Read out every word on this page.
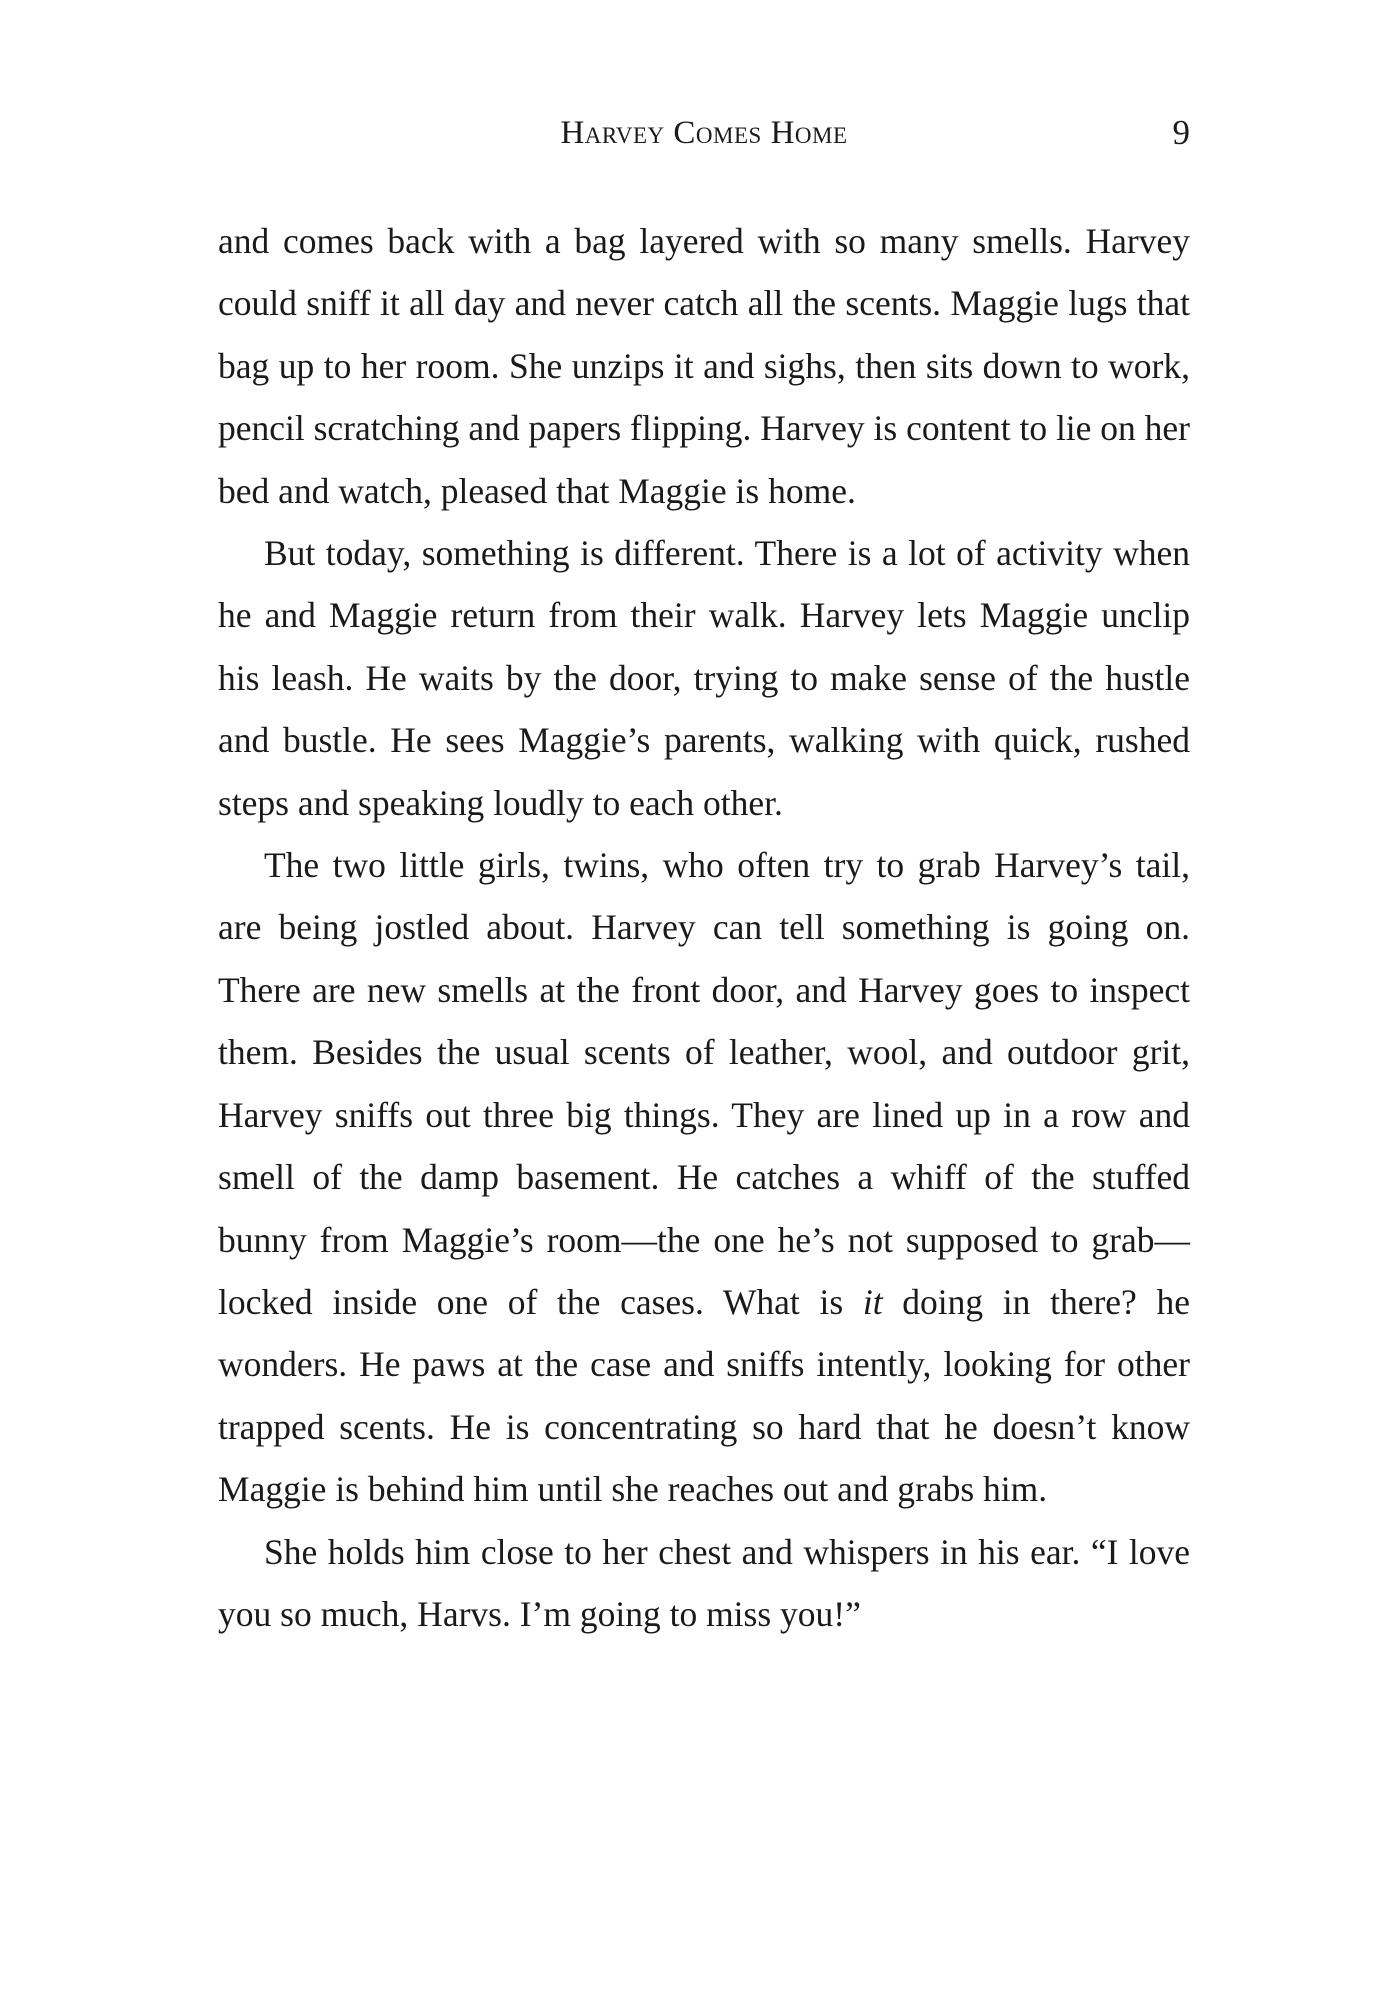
Harvey Comes Home	9

and comes back with a bag layered with so many smells. Harvey could sniff it all day and never catch all the scents. Maggie lugs that bag up to her room. She unzips it and sighs, then sits down to work, pencil scratching and papers flipping. Harvey is content to lie on her bed and watch, pleased that Maggie is home.

But today, something is different. There is a lot of activity when he and Maggie return from their walk. Harvey lets Maggie unclip his leash. He waits by the door, trying to make sense of the hustle and bustle. He sees Maggie’s parents, walking with quick, rushed steps and speaking loudly to each other.

The two little girls, twins, who often try to grab Harvey’s tail, are being jostled about. Harvey can tell something is going on. There are new smells at the front door, and Harvey goes to inspect them. Besides the usual scents of leather, wool, and outdoor grit, Harvey sniffs out three big things. They are lined up in a row and smell of the damp basement. He catches a whiff of the stuffed bunny from Maggie’s room—the one he’s not supposed to grab—locked inside one of the cases. What is it doing in there? he wonders. He paws at the case and sniffs intently, looking for other trapped scents. He is concentrating so hard that he doesn’t know Maggie is behind him until she reaches out and grabs him.

She holds him close to her chest and whispers in his ear. “I love you so much, Harvs. I’m going to miss you!”
